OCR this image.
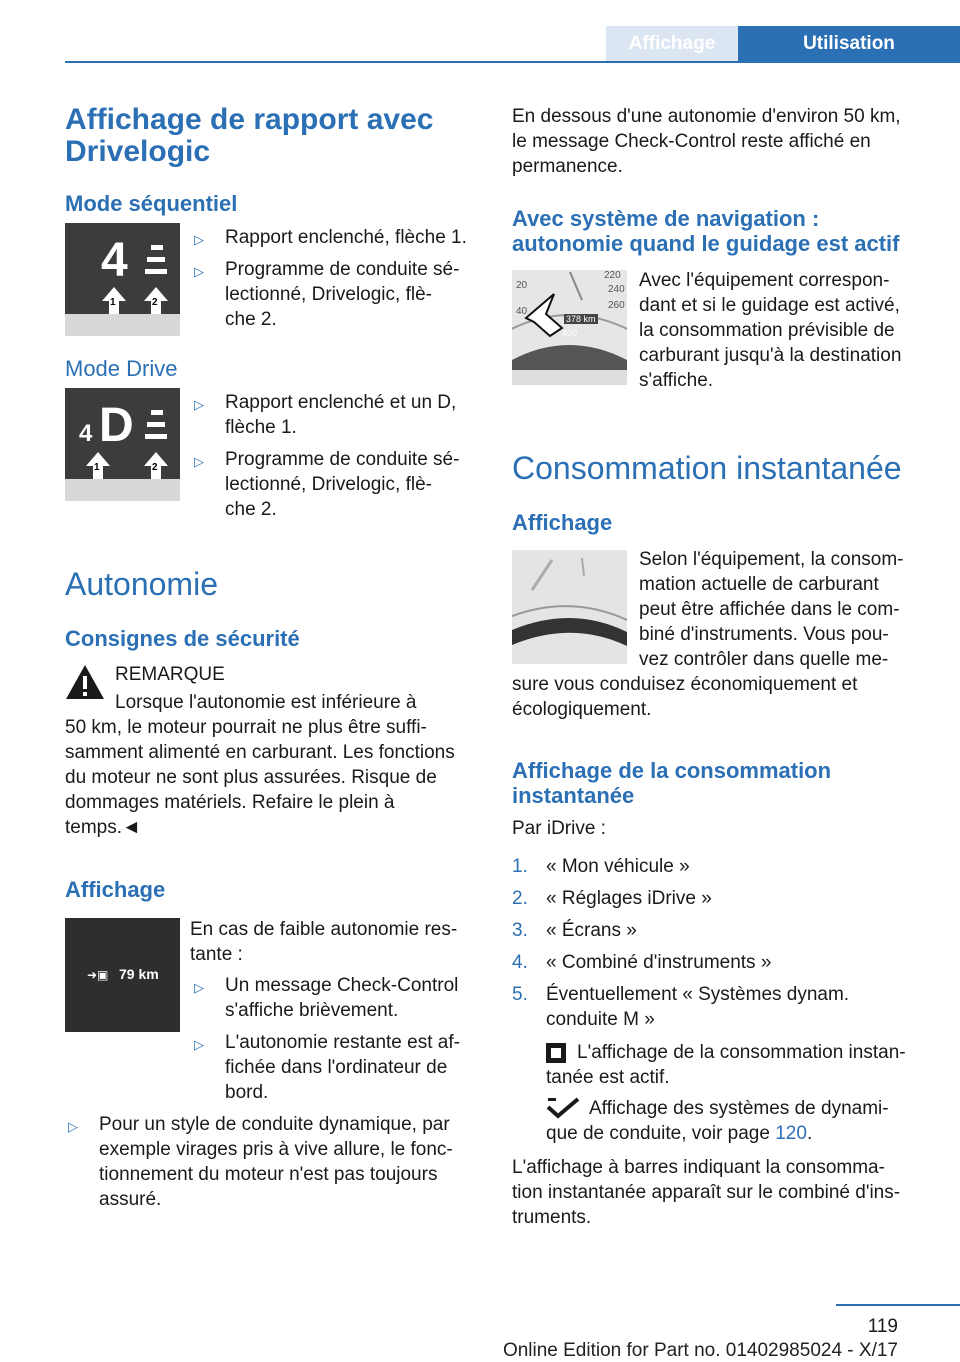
Affichage	Utilisation
Affichage de rapport avec Drivelogic
Mode séquentiel
4
1	2
▷ Rapport enclenché, flèche 1.
▷ Programme de conduite sé-
lectionné, Drivelogic, flè-
che 2.
Mode Drive
4 D
1	2
▷ Rapport enclenché et un D,
flèche 1.
▷ Programme de conduite sé-
lectionné, Drivelogic, flè-
che 2.
Autonomie
Consignes de sécurité
REMARQUE
Lorsque l'autonomie est inférieure à
50 km, le moteur pourrait ne plus être suffi-
samment alimenté en carburant. Les fonctions
du moteur ne sont plus assurées. Risque de
dommages matériels. Refaire le plein à
temps.◄
Affichage
➜▣ 79 km
En cas de faible autonomie res-
tante :
▷ Un message Check-Control
s'affiche brièvement.
▷ L'autonomie restante est af-
fichée dans l'ordinateur de
bord.
▷ Pour un style de conduite dynamique, par
exemple virages pris à vive allure, le fonc-
tionnement du moteur n'est pas toujours
assuré.
En dessous d'une autonomie d'environ 50 km,
le message Check-Control reste affiché en
permanence.
Avec système de navigation :
autonomie quand le guidage est actif
20
40
220
240
260
378 km
400
Avec l'équipement correspon-
dant et si le guidage est activé,
la consommation prévisible de
carburant jusqu'à la destination
s'affiche.
Consommation instantanée
Affichage
Selon l'équipement, la consom-
mation actuelle de carburant
peut être affichée dans le com-
biné d'instruments. Vous pou-
vez contrôler dans quelle me-
sure vous conduisez économiquement et
écologiquement.
Affichage de la consommation
instantanée
Par iDrive :
1. « Mon véhicule »
2. « Réglages iDrive »
3. « Écrans »
4. « Combiné d'instruments »
5. Éventuellement « Systèmes dynam.
conduite M »
L'affichage de la consommation instan-
tanée est actif.
Affichage des systèmes de dynami-
que de conduite, voir page 120.
L'affichage à barres indiquant la consomma-
tion instantanée apparaît sur le combiné d'ins-
truments.
119
Online Edition for Part no. 01402985024 - X/17
